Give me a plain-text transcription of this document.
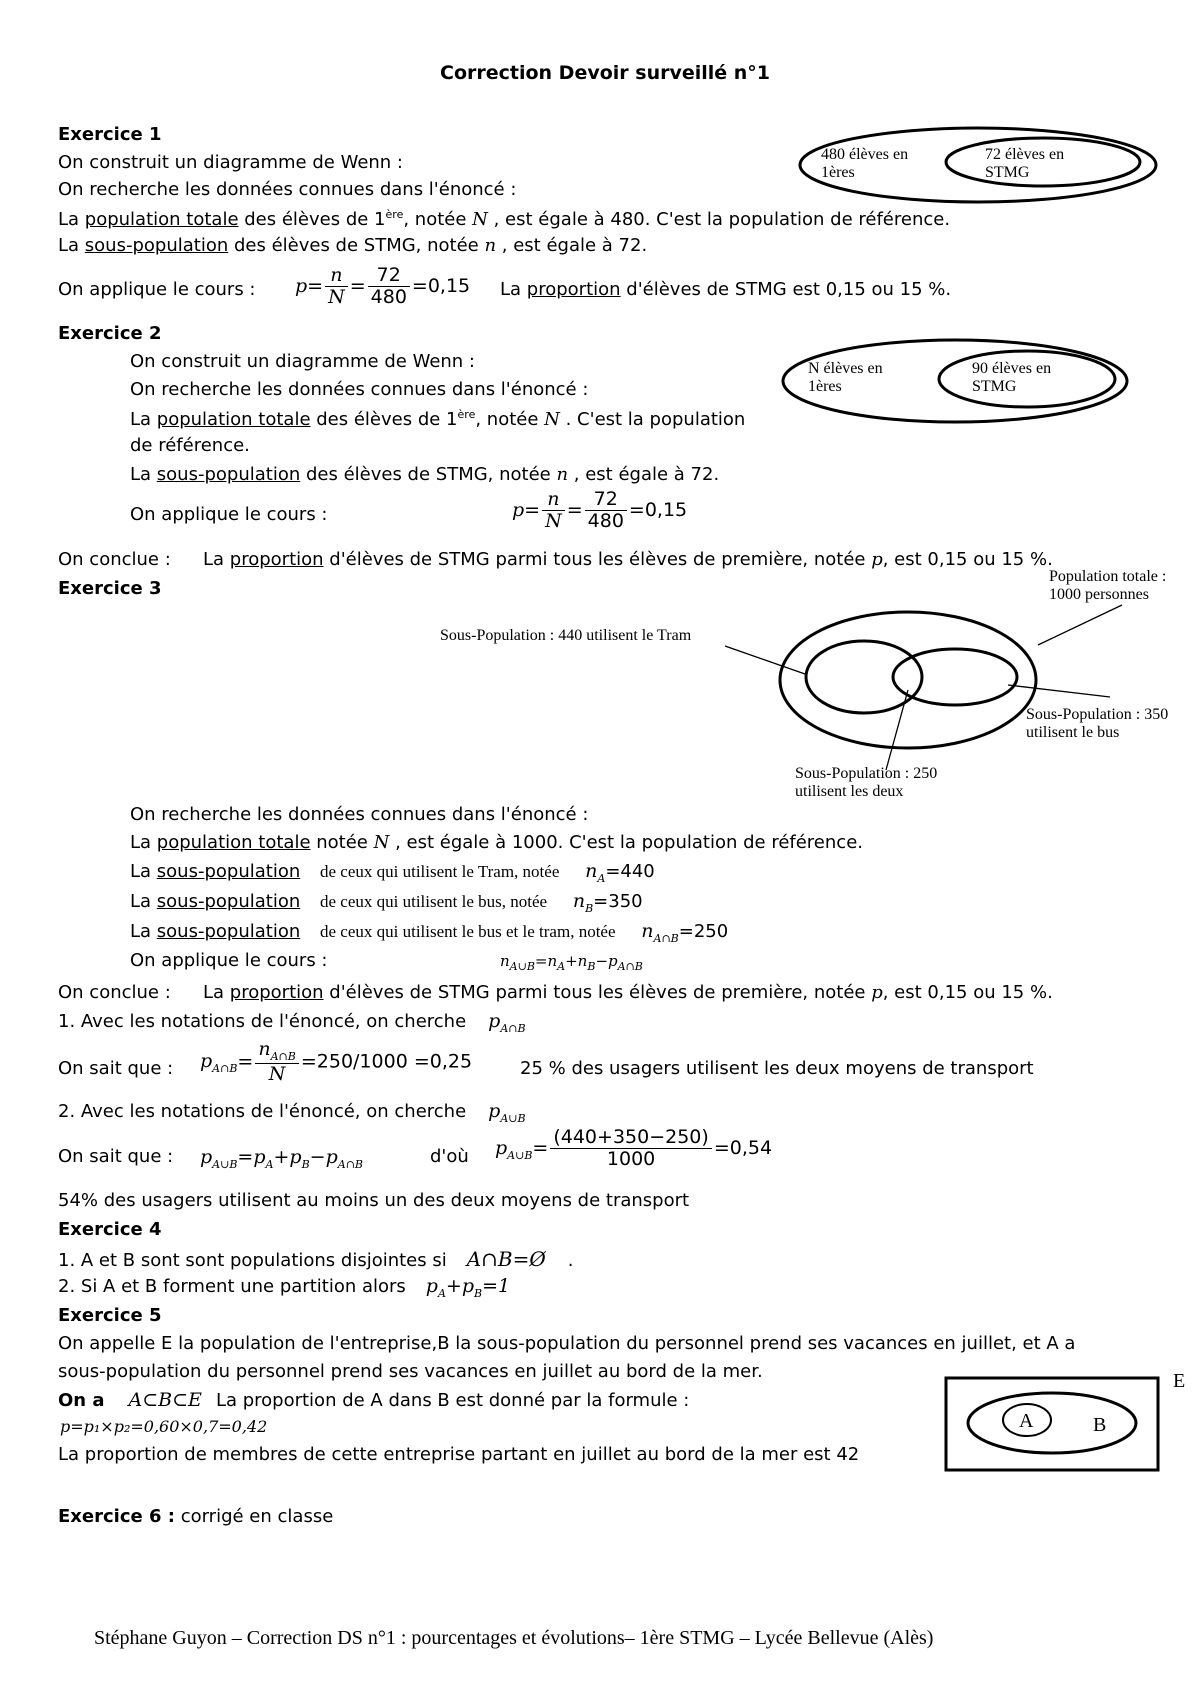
Correction Devoir surveillé n°1
Exercice 1
On construit un diagramme de Wenn :
On recherche les données connues dans l'énoncé :
La population totale des élèves de 1ère, notée N , est égale à 480. C'est la population de référence.
La sous-population des élèves de STMG, notée n , est égale à 72.
On applique le cours : $p= \frac{n}{N} = \frac{72}{480} =0,15$ La proportion d'élèves de STMG est 0,15 ou 15 %.
480 élèves en 1ères
72 élèves en STMG
Exercice 2
On construit un diagramme de Wenn :
On recherche les données connues dans l'énoncé :
La population totale des élèves de 1ère, notée N . C'est la population
de référence.
La sous-population des élèves de STMG, notée n , est égale à 72.
On applique le cours :	$p= \frac{n}{N} = \frac{72}{480} =0,15$
On conclue : La proportion d'élèves de STMG parmi tous les élèves de première, notée p, est 0,15 ou 15 %.
N élèves en 1ères
90 élèves en STMG
Exercice 3
Population totale : 1000 personnes
Sous-Population : 440 utilisent le Tram
Sous-Population : 350 utilisent le bus
Sous-Population : 250 utilisent les deux
On recherche les données connues dans l'énoncé :
La population totale notée N , est égale à 1000. C'est la population de référence.
La sous-population de ceux qui utilisent le Tram, notée $n_A=440$
La sous-population de ceux qui utilisent le bus, notée $n_B=350$
La sous-population de ceux qui utilisent le bus et le tram, notée $n_{A\cap B}=250$
On applique le cours :	$n_{A\cup B}=n_A+n_B-p_{A\cap B}$
On conclue : La proportion d'élèves de STMG parmi tous les élèves de première, notée p, est 0,15 ou 15 %.
1. Avec les notations de l'énoncé, on cherche $p_{A\cap B}$
On sait que : $p_{A\cap B}= \frac{n_{A\cap B}}{N} =250/1000 =0,25$	25 % des usagers utilisent les deux moyens de transport
2. Avec les notations de l'énoncé, on cherche $p_{A\cup B}$
On sait que : $p_{A\cup B}=p_A+p_B-p_{A\cap B}$	d'où $p_{A\cup B}= \frac{(440+350-250)}{1000} =0,54$
54% des usagers utilisent au moins un des deux moyens de transport
Exercice 4
1. A et B sont sont populations disjointes si A∩B=Ø .
2. Si A et B forment une partition alors $p_A+p_B=1$
Exercice 5
On appelle E la population de l'entreprise,B la sous-population du personnel prend ses vacances en juillet, et A a
sous-population du personnel prend ses vacances en juillet au bord de la mer.
On a A⊂B⊂E La proportion de A dans B est donné par la formule :
p=p₁×p₂=0,60×0,7=0,42
La proportion de membres de cette entreprise partant en juillet au bord de la mer est 42
E
A	B
Exercice 6 : corrigé en classe
Stéphane Guyon – Correction DS n°1 : pourcentages et évolutions– 1ère STMG – Lycée Bellevue (Alès)
